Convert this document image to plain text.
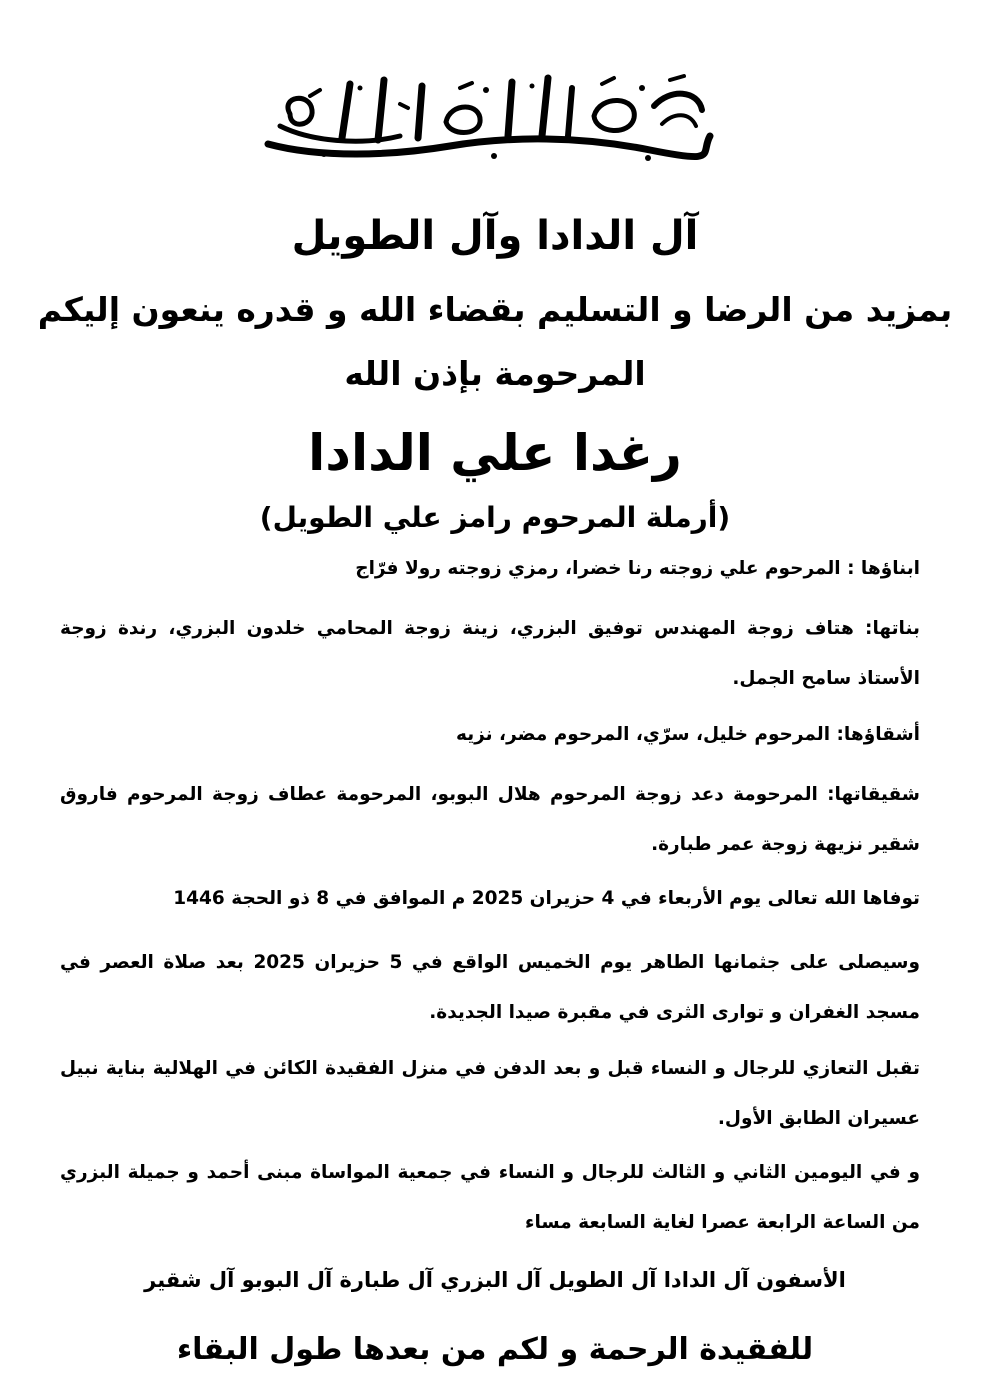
سبحان الحي الذي لا يموت
آل الدادا وآل الطويل
بمزيد من الرضا و التسليم بقضاء الله و قدره ينعون إليكم
المرحومة بإذن الله
رغدا علي الدادا
(أرملة المرحوم رامز علي الطويل)

ابناؤها : المرحوم علي زوجته رنا خضرا، رمزي زوجته رولا فرّاج

بناتها: هتاف زوجة المهندس توفيق البزري، زينة زوجة المحامي خلدون البزري، رندة زوجة الأستاذ سامح الجمل.

أشقاؤها: المرحوم خليل، سرّي، المرحوم مضر، نزيه

شقيقاتها: المرحومة دعد زوجة المرحوم هلال البوبو، المرحومة عطاف زوجة المرحوم فاروق شقير نزيهة زوجة عمر طبارة.

توفاها الله تعالى يوم الأربعاء في 4 حزيران 2025 م الموافق في 8 ذو الحجة 1446

وسيصلى على جثمانها الطاهر يوم الخميس الواقع في 5 حزيران 2025 بعد صلاة العصر في مسجد الغفران و توارى الثرى في مقبرة صيدا الجديدة.

تقبل التعازي للرجال و النساء قبل و بعد الدفن في منزل الفقيدة الكائن في الهلالية بناية نبيل عسيران الطابق الأول.

و في اليومين الثاني و الثالث للرجال و النساء في جمعية المواساة مبنى أحمد و جميلة البزري من الساعة الرابعة عصرا لغاية السابعة مساء

الأسفون آل الدادا آل الطويل آل البزري آل طبارة آل البوبو آل شقير

للفقيدة الرحمة و لكم من بعدها طول البقاء
